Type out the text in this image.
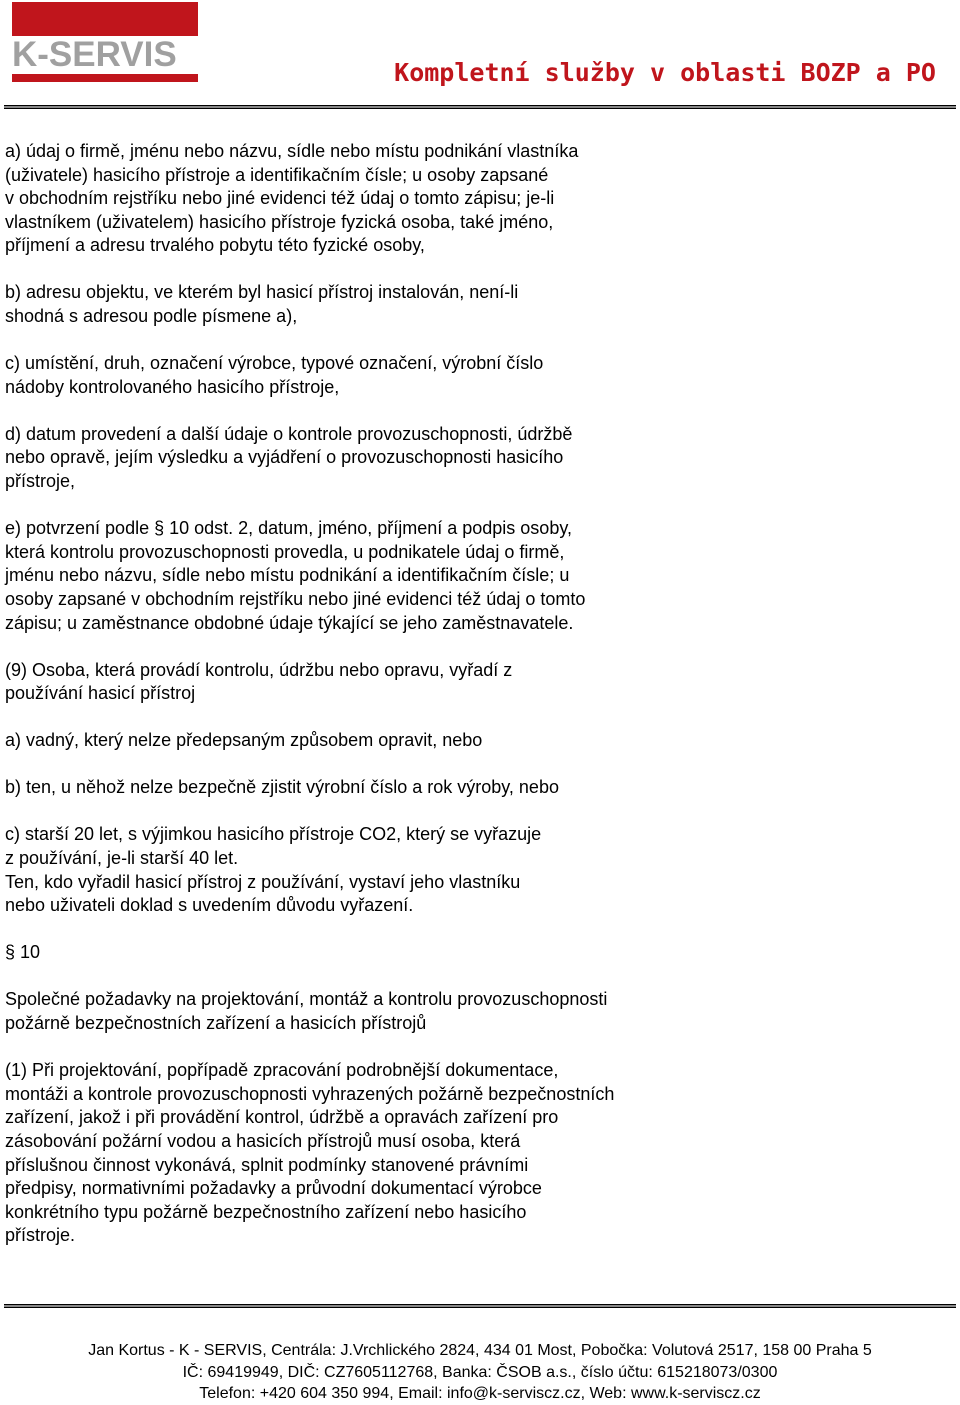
K-SERVIS	Kompletní služby v oblasti BOZP a PO

a) údaj o firmě, jménu nebo názvu, sídle nebo místu podnikání vlastníka
(uživatele) hasicího přístroje a identifikačním čísle; u osoby zapsané
v obchodním rejstříku nebo jiné evidenci též údaj o tomto zápisu; je-li
vlastníkem (uživatelem) hasicího přístroje fyzická osoba, také jméno,
příjmení a adresu trvalého pobytu této fyzické osoby,

b) adresu objektu, ve kterém byl hasicí přístroj instalován, není-li
shodná s adresou podle písmene a),

c) umístění, druh, označení výrobce, typové označení, výrobní číslo
nádoby kontrolovaného hasicího přístroje,

d) datum provedení a další údaje o kontrole provozuschopnosti, údržbě
nebo opravě, jejím výsledku a vyjádření o provozuschopnosti hasicího
přístroje,

e) potvrzení podle § 10 odst. 2, datum, jméno, příjmení a podpis osoby,
která kontrolu provozuschopnosti provedla, u podnikatele údaj o firmě,
jménu nebo názvu, sídle nebo místu podnikání a identifikačním čísle; u
osoby zapsané v obchodním rejstříku nebo jiné evidenci též údaj o tomto
zápisu; u zaměstnance obdobné údaje týkající se jeho zaměstnavatele.

(9) Osoba, která provádí kontrolu, údržbu nebo opravu, vyřadí z
používání hasicí přístroj

a) vadný, který nelze předepsaným způsobem opravit, nebo

b) ten, u něhož nelze bezpečně zjistit výrobní číslo a rok výroby, nebo

c) starší 20 let, s výjimkou hasicího přístroje CO2, který se vyřazuje
z používání, je-li starší 40 let.
Ten, kdo vyřadil hasicí přístroj z používání, vystaví jeho vlastníku
nebo uživateli doklad s uvedením důvodu vyřazení.

§ 10

Společné požadavky na projektování, montáž a kontrolu provozuschopnosti
požárně bezpečnostních zařízení a hasicích přístrojů

(1) Při projektování, popřípadě zpracování podrobnější dokumentace,
montáži a kontrole provozuschopnosti vyhrazených požárně bezpečnostních
zařízení, jakož i při provádění kontrol, údržbě a opravách zařízení pro
zásobování požární vodou a hasicích přístrojů musí osoba, která
příslušnou činnost vykonává, splnit podmínky stanovené právními
předpisy, normativními požadavky a průvodní dokumentací výrobce
konkrétního typu požárně bezpečnostního zařízení nebo hasicího
přístroje.

Jan Kortus - K - SERVIS, Centrála: J.Vrchlického 2824, 434 01 Most, Pobočka: Volutová 2517, 158 00 Praha 5
IČ: 69419949, DIČ: CZ7605112768, Banka: ČSOB a.s., číslo účtu: 615218073/0300
Telefon: +420 604 350 994, Email: info@k-serviscz.cz, Web: www.k-serviscz.cz
